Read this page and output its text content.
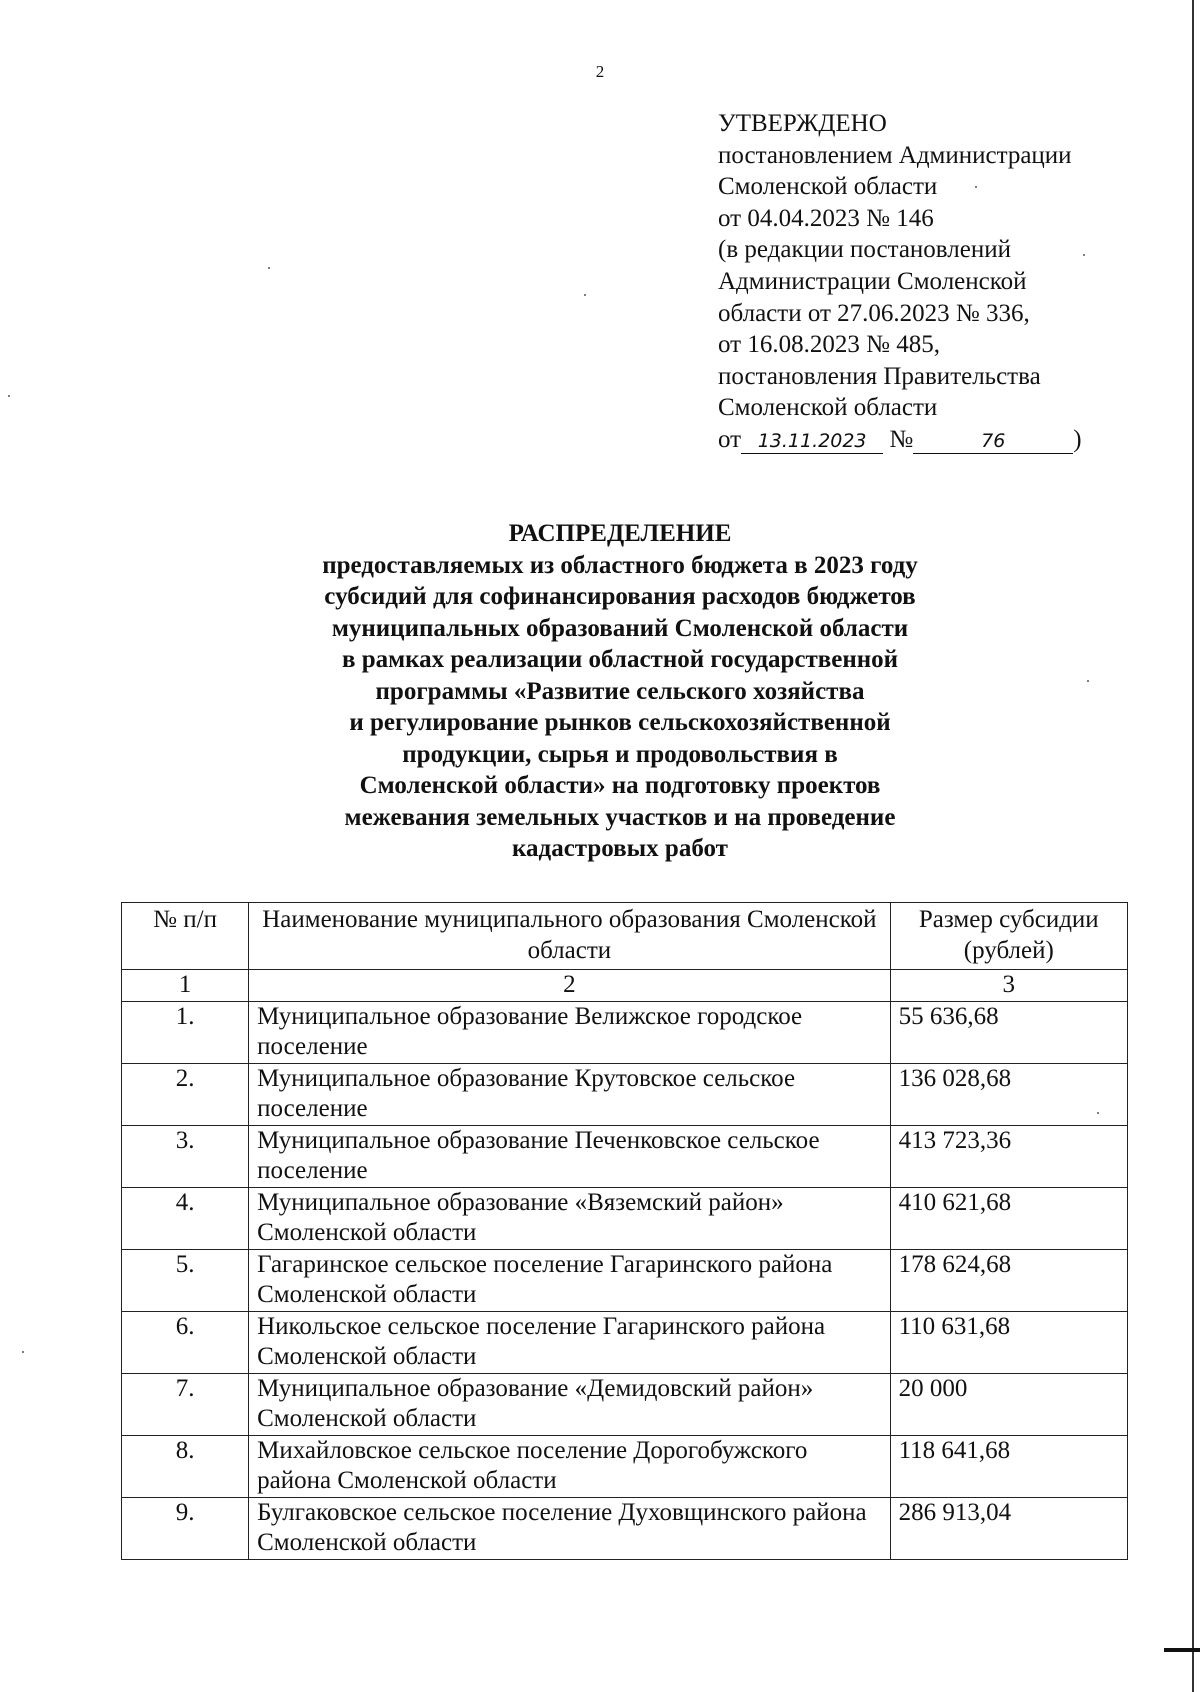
2
УТВЕРЖДЕНО
постановлением Администрации
Смоленской области
от 04.04.2023 № 146
(в редакции постановлений
Администрации Смоленской
области от 27.06.2023 № 336,
от 16.08.2023 № 485,
постановления Правительства
Смоленской области
от 13.11.2023 №	76	)
РАСПРЕДЕЛЕНИЕ
предоставляемых из областного бюджета в 2023 году
субсидий для софинансирования расходов бюджетов
муниципальных образований Смоленской области
в рамках реализации областной государственной
программы «Развитие сельского хозяйства
и регулирование рынков сельскохозяйственной
продукции, сырья и продовольствия в
Смоленской области» на подготовку проектов
межевания земельных участков и на проведение
кадастровых работ
№ п/п	Наименование муниципального образования Смоленской области	Размер субсидии (рублей)
1	2	3
1.	Муниципальное образование Велижское городское поселение	55 636,68
2.	Муниципальное образование Крутовское сельское поселение	136 028,68
3.	Муниципальное образование Печенковское сельское поселение	413 723,36
4.	Муниципальное образование «Вяземский район» Смоленской области	410 621,68
5.	Гагаринское сельское поселение Гагаринского района Смоленской области	178 624,68
6.	Никольское сельское поселение Гагаринского района Смоленской области	110 631,68
7.	Муниципальное образование «Демидовский район» Смоленской области	20 000
8.	Михайловское сельское поселение Дорогобужского района Смоленской области	118 641,68
9.	Булгаковское сельское поселение Духовщинского района Смоленской области	286 913,04
